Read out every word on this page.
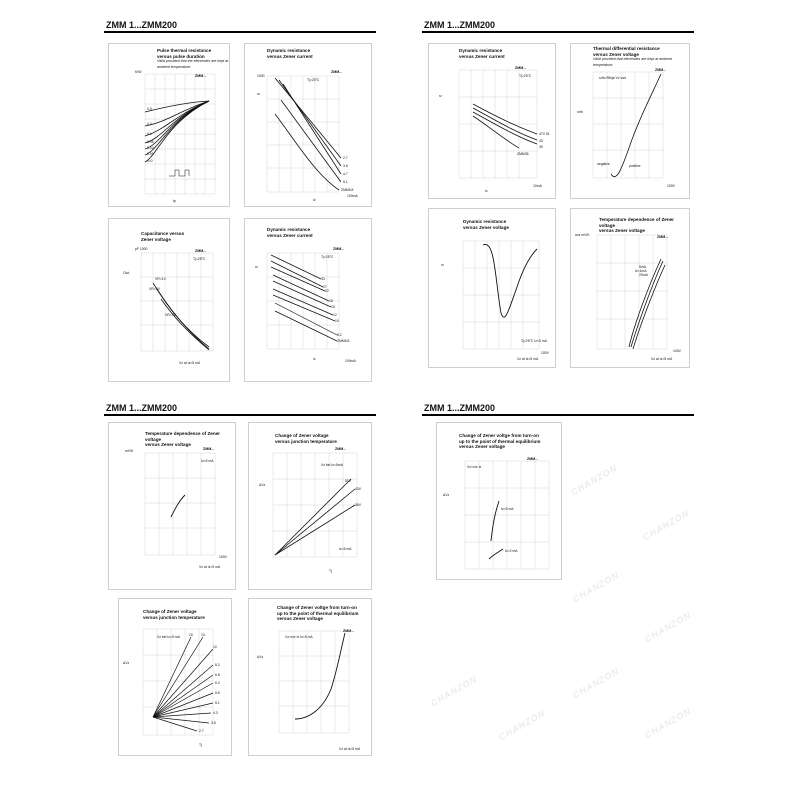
ZMM 1...ZMM200	ZMM 1...ZMM200
ZMM 1...ZMM200	ZMM 1...ZMM200
CHANZON
CHANZON
CHANZON
CHANZON
CHANZON
CHANZON
CHANZON
CHANZON
Pulse thermal resistance
versus pulse duration
Valid provided that the electrodes are kept at ambient temperature.
ZMM...
K/W
tp
0.5
0.2
0.1
0.05
0.02
0.01
v=0
Dynamic resistance
versus Zener current
ZMM...
Tj=25°C
1000
rz
Iz
100mA
2.7
3.6
4.7
5.1
ZMM6.8
Capacitance versus
Zener voltage
ZMM...
Tj=25°C
pF 1000
Ctot
Vz at Iz=5 mA
VR=1V
VR=2V
VR=7V
Dynamic resistance
versus Zener current
ZMM...
Tj=25°C
rz
Iz	100mA
33
27
22
18
15
12
10
8.2
ZMM6.8
Dynamic resistance
versus Zener current
ZMM...
Tj=25°C
rz
Iz
10mA
47V 51
43
39
ZMM36
Thermal differential resistance
versus Zener voltage
Valid provided that electrodes are kept at ambient temperature.
ZMM...
rzth=Rthja·Vz·αvz
rzth
negative	positive
100V
Dynamic resistance
versus Zener voltage
Tj=25°C Iz=5 mA
rz
Vz at Iz=5 mA
100V
Temperature dependence of Zener voltage
versus Zener voltage
ZMM...
αvz mV/K
Vz at Iz=5 mA
100V
5mA
Iz=1mA
20mA
Temperature dependence of Zener voltage
versus Zener voltage
ZMM...
mV/K
Iz=5 mA
Vz at Iz=5 mA
100V
Change of Zener voltage
versus junction temperature
ZMM...
Vz bei Iz=5mA
ΔVz
Tj
Iz=5 mA
51V
43V
36V
Change of Zener voltage
versus junction temperature
Vz bei Iz=5 mA
ΔVz
Tj
15 13
10
8.2
6.8
6.2
5.6
5.1
4.3
3.6
2.7
Change of Zener voltge from turn-on
up to the point of thermal equilibrium
versus Zener voltage
ZMM...
Vz=rvz·Iz Iz=5 mA
ΔVz
Vz at Iz=5 mA
Change of Zener voltge from turn-on
up to the point of thermal equilibrium
versus Zener voltage
ZMM...
Vz=rvz·Iz
ΔVz
Iz=5 mA
Iz=2 mA
